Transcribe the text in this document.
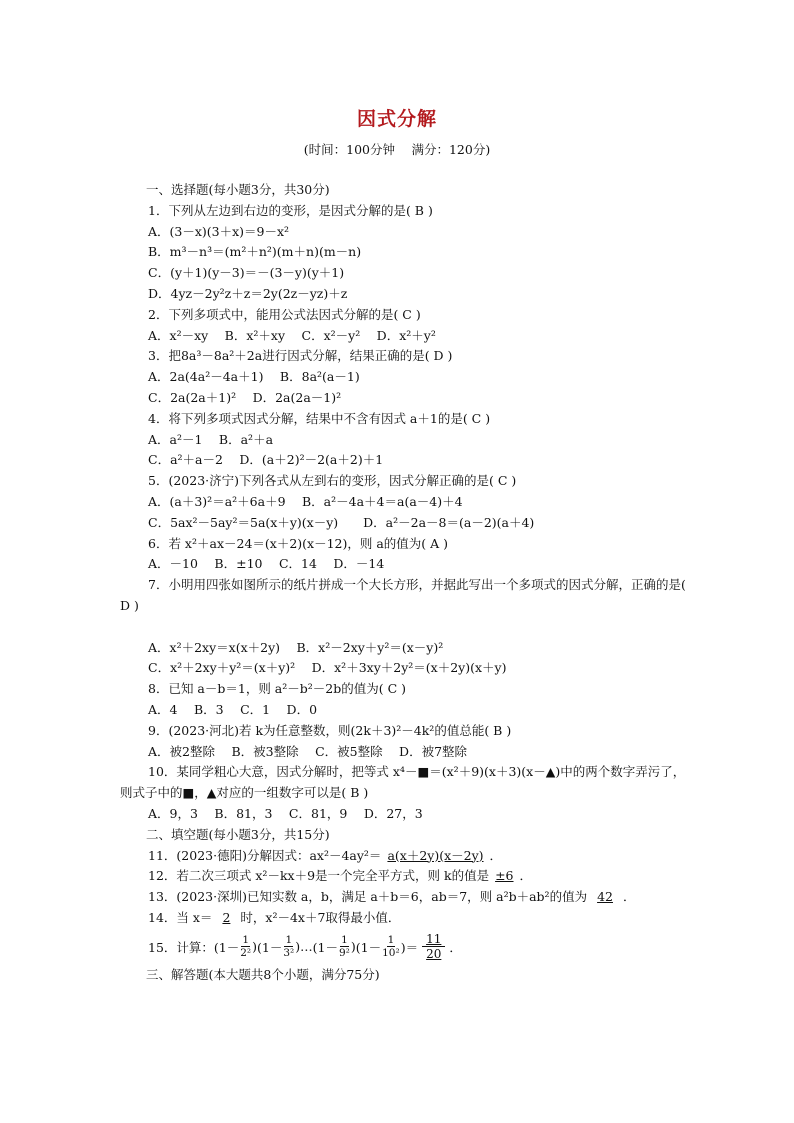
因式分解
(时间：100分钟　 满分：120分)
一、选择题(每小题3分，共30分)
1．下列从左边到右边的变形，是因式分解的是( B )
A．(3－x)(3＋x)＝9－x²
B．m³－n³＝(m²＋n²)(m＋n)(m－n)
C．(y＋1)(y－3)＝－(3－y)(y＋1)
D．4yz－2y²z＋z＝2y(2z－yz)＋z
2．下列多项式中，能用公式法因式分解的是( C )
A．x²－xy　 B．x²＋xy　 C．x²－y²　 D．x²＋y²
3．把8a³－8a²＋2a进行因式分解，结果正确的是( D )
A．2a(4a²－4a＋1)　 B．8a²(a－1)
C．2a(2a＋1)²　 D．2a(2a－1)²
4．将下列多项式因式分解，结果中不含有因式 a＋1的是( C )
A．a²－1　 B．a²＋a
C．a²＋a－2　 D．(a＋2)²－2(a＋2)＋1
5．(2023·济宁)下列各式从左到右的变形，因式分解正确的是( C )
A．(a＋3)²＝a²＋6a＋9　 B．a²－4a＋4＝a(a－4)＋4
C．5ax²－5ay²＝5a(x＋y)(x－y)　　D．a²－2a－8＝(a－2)(a＋4)
6．若 x²＋ax－24＝(x＋2)(x－12)，则 a的值为( A )
A．－10　 B．±10　 C．14　 D．－14
7．小明用四张如图所示的纸片拼成一个大长方形，并据此写出一个多项式的因式分解，正确的是( D )
A．x²＋2xy＝x(x＋2y)　 B．x²－2xy＋y²＝(x－y)²
C．x²＋2xy＋y²＝(x＋y)²　 D．x²＋3xy＋2y²＝(x＋2y)(x＋y)
8．已知 a－b＝1，则 a²－b²－2b的值为( C )
A．4　 B．3　 C．1　 D．0
9．(2023·河北)若 k为任意整数，则(2k＋3)²－4k²的值总能( B )
A．被2整除　 B．被3整除　 C．被5整除　 D．被7整除
10．某同学粗心大意，因式分解时，把等式 x⁴－■＝(x²＋9)(x＋3)(x－▲)中的两个数字弄污了，则式子中的■，▲对应的一组数字可以是( B )
A．9，3　 B．81，3　 C．81，9　 D．27，3
二、填空题(每小题3分，共15分)
11．(2023·德阳)分解因式：ax²－4ay²＝ a(x＋2y)(x－2y) ．
12．若二次三项式 x²－kx＋9是一个完全平方式，则 k的值是 ±6 ．
13．(2023·深圳)已知实数 a，b，满足 a＋b＝6，ab＝7，则 a²b＋ab²的值为 42 ．
14．当 x＝ 2 时，x²－4x＋7取得最小值．
15．计算： ($1- \frac{1}{\text{2²}}$ ) ($1- \frac{1}{\text{3²}}$ )… ($1- \frac{1}{\text{9²}}$ ) ($1- \frac{1}{\text{10²}}$ )＝ $\frac{11}{20}$ ．
三、解答题(本大题共8个小题，满分75分)
